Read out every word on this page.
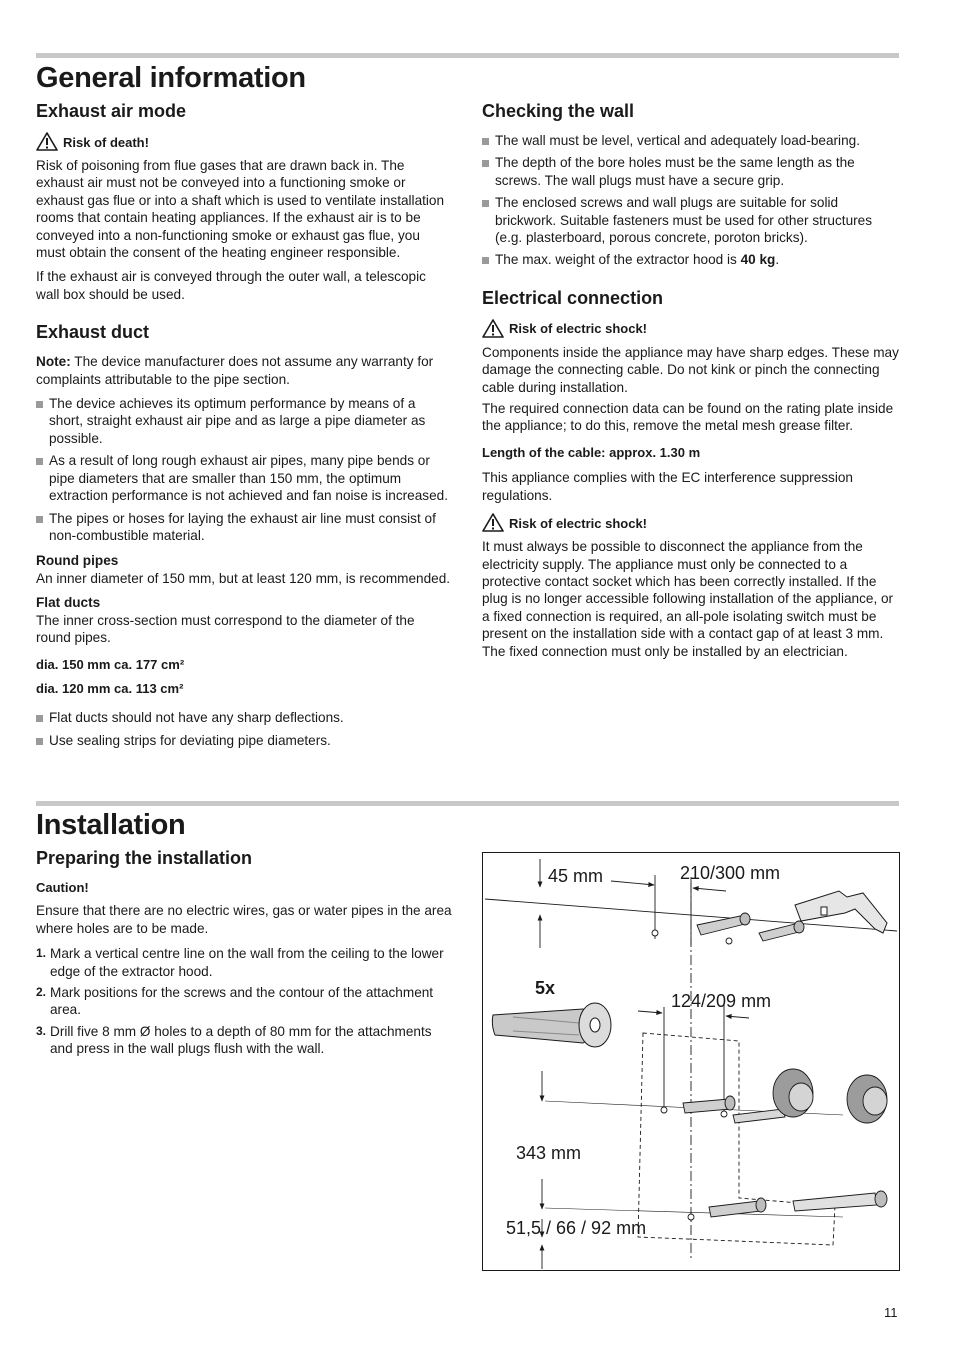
General information
Exhaust air mode
Risk of death!

Risk of poisoning from flue gases that are drawn back in. The exhaust air must not be conveyed into a functioning smoke or exhaust gas flue or into a shaft which is used to ventilate installation rooms that contain heating appliances. If the exhaust air is to be conveyed into a non-functioning smoke or exhaust gas flue, you must obtain the consent of the heating engineer responsible.

If the exhaust air is conveyed through the outer wall, a telescopic wall box should be used.

Exhaust duct

Note: The device manufacturer does not assume any warranty for complaints attributable to the pipe section.

The device achieves its optimum performance by means of a short, straight exhaust air pipe and as large a pipe diameter as possible.
As a result of long rough exhaust air pipes, many pipe bends or pipe diameters that are smaller than 150 mm, the optimum extraction performance is not achieved and fan noise is increased.
The pipes or hoses for laying the exhaust air line must consist of non-combustible material.

Round pipes

An inner diameter of 150 mm, but at least 120 mm, is recommended.

Flat ducts

The inner cross-section must correspond to the diameter of the round pipes.

dia. 150 mm ca. 177 cm²

dia. 120 mm ca. 113 cm²

Flat ducts should not have any sharp deflections.
Use sealing strips for deviating pipe diameters.
Checking the wall
The wall must be level, vertical and adequately load-bearing.
The depth of the bore holes must be the same length as the screws. The wall plugs must have a secure grip.
The enclosed screws and wall plugs are suitable for solid brickwork. Suitable fasteners must be used for other structures (e.g. plasterboard, porous concrete, poroton bricks).
The max. weight of the extractor hood is 40 kg.
Electrical connection
Risk of electric shock!

Components inside the appliance may have sharp edges. These may damage the connecting cable. Do not kink or pinch the connecting cable during installation.

The required connection data can be found on the rating plate inside the appliance; to do this, remove the metal mesh grease filter.

Length of the cable: approx. 1.30 m

This appliance complies with the EC interference suppression regulations.

Risk of electric shock!

It must always be possible to disconnect the appliance from the electricity supply. The appliance must only be connected to a protective contact socket which has been correctly installed. If the plug is no longer accessible following installation of the appliance, or a fixed connection is required, an all-pole isolating switch must be present on the installation side with a contact gap of at least 3 mm. The fixed connection must only be installed by an electrician.

Installation
Preparing the installation

Caution!

Ensure that there are no electric wires, gas or water pipes in the area where holes are to be made.

1. Mark a vertical centre line on the wall from the ceiling to the lower edge of the extractor hood.
2. Mark positions for the screws and the contour of the attachment area.
3. Drill five 8 mm Ø holes to a depth of 80 mm for the attachments and press in the wall plugs flush with the wall.
45 mm	210/300 mm
5x
124/209 mm
343 mm
51,5 / 66 / 92 mm
11
